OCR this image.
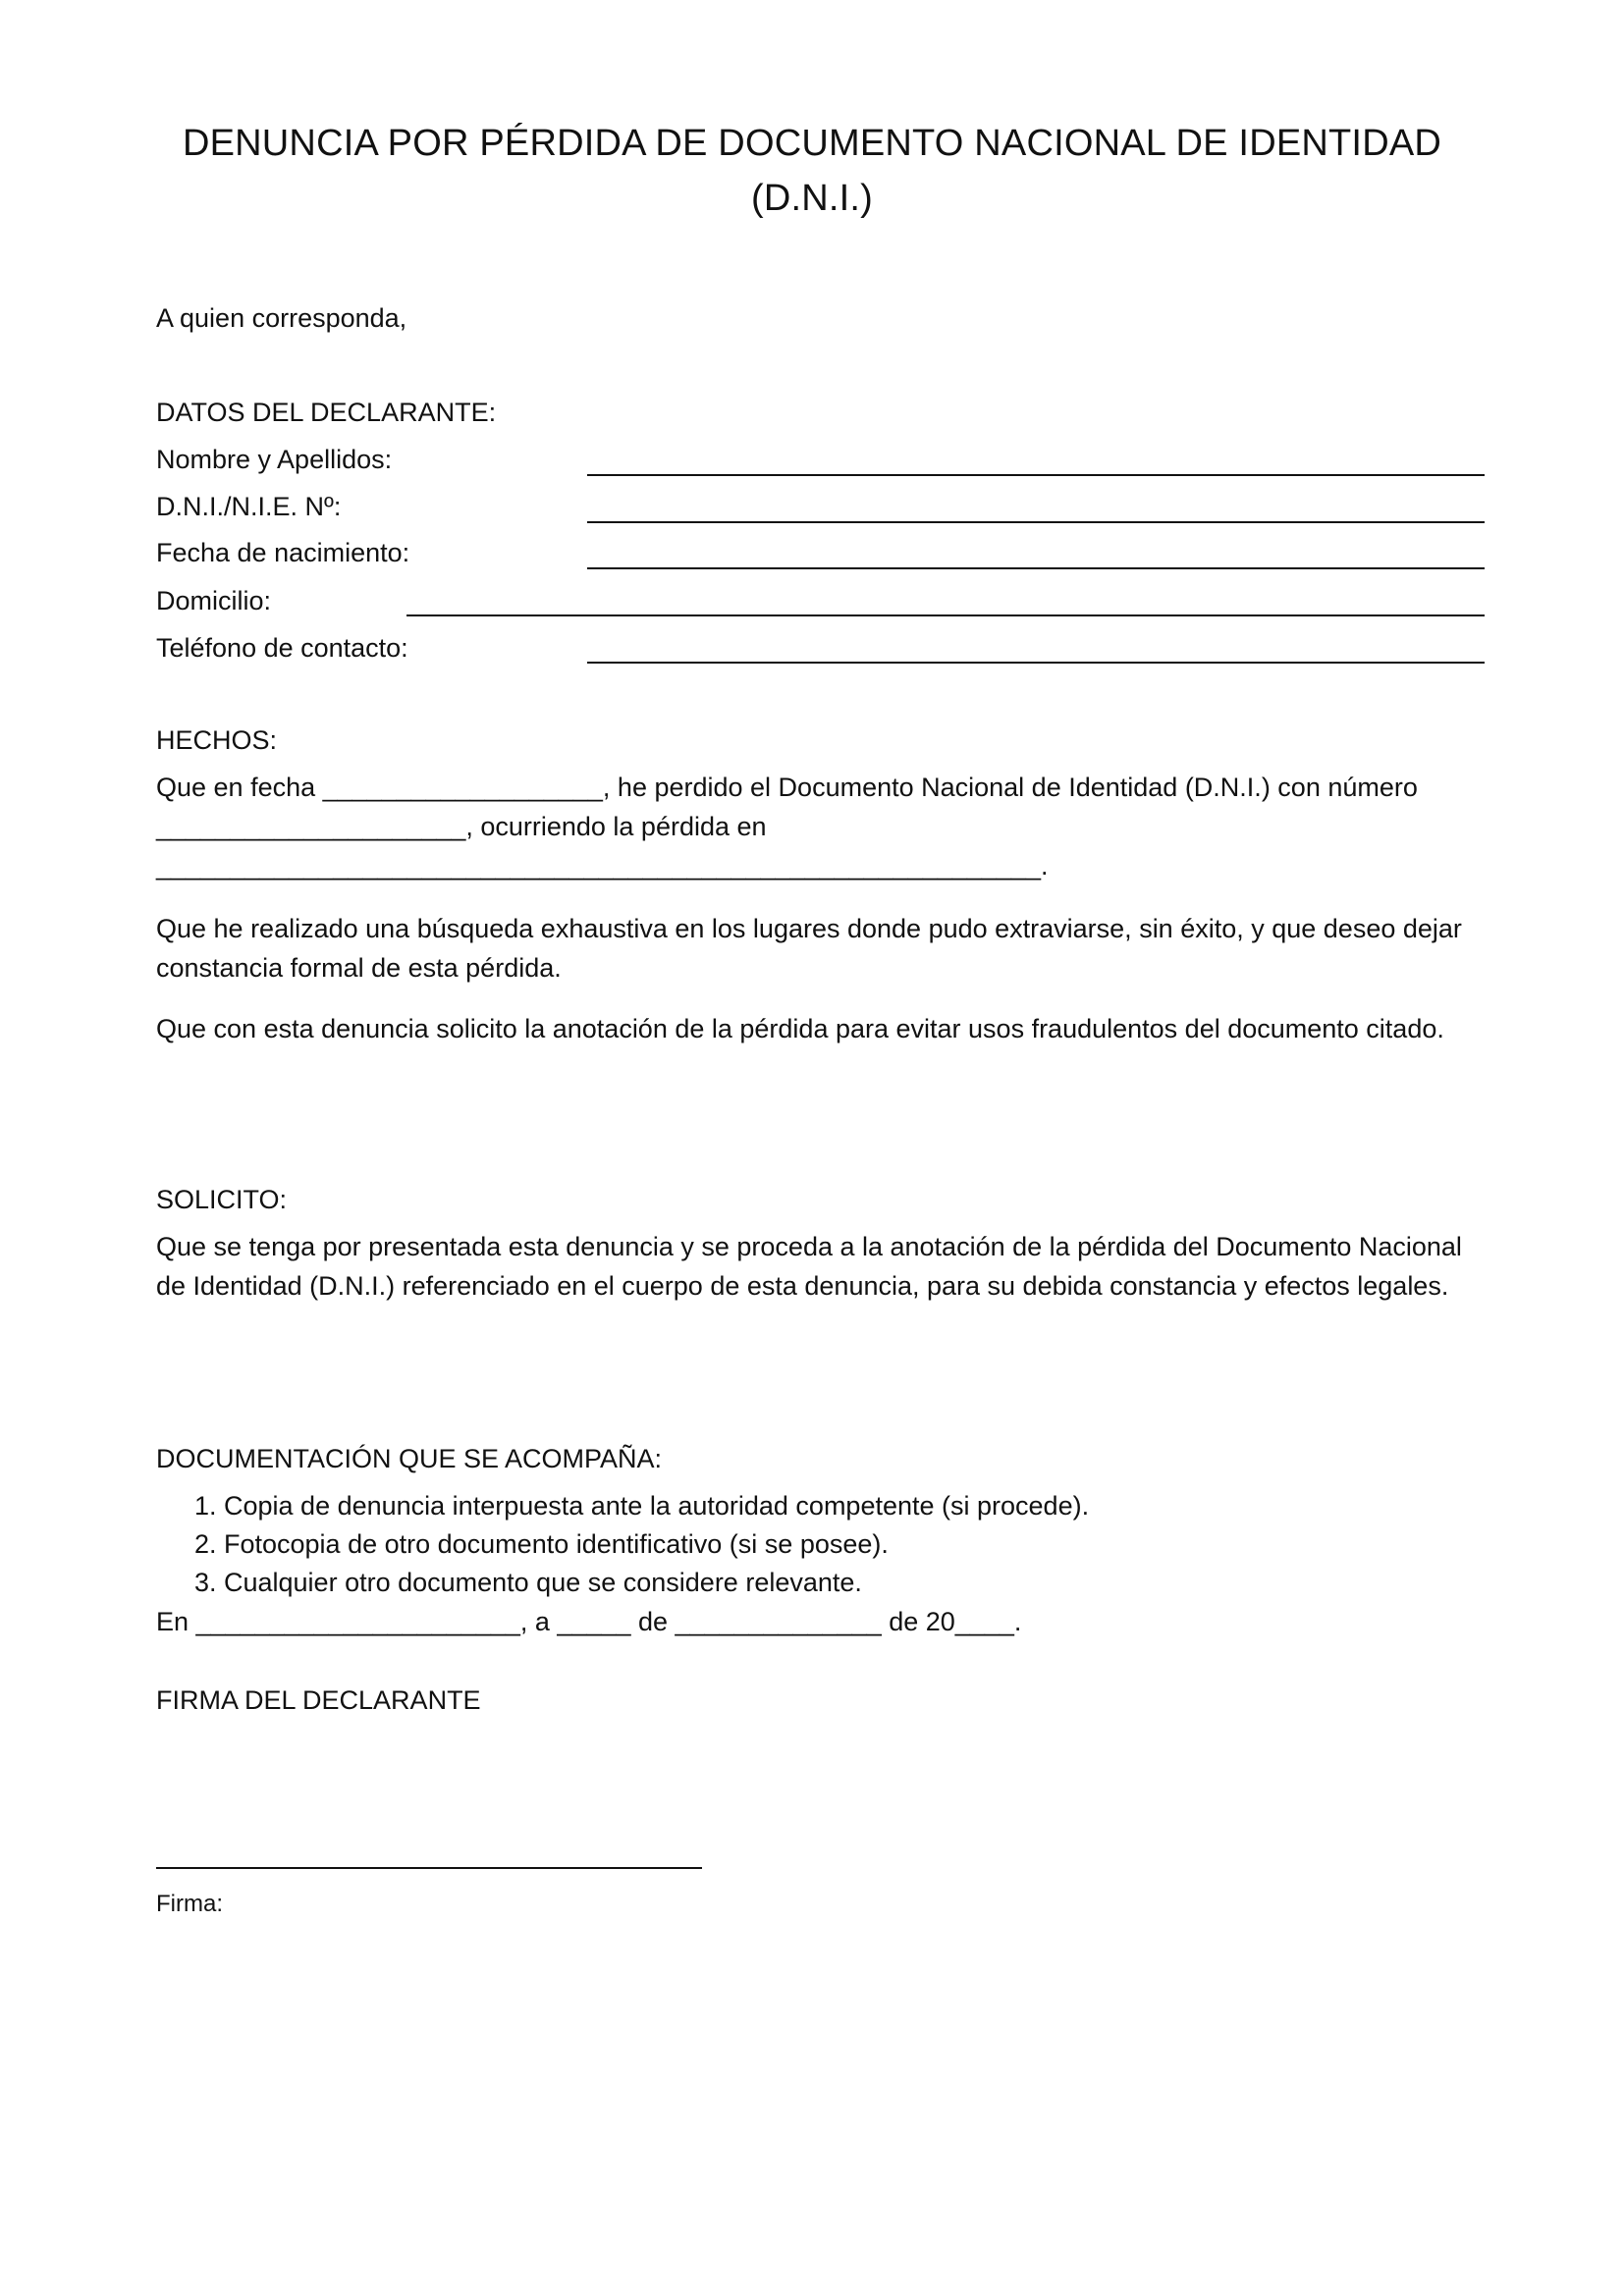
DENUNCIA POR PÉRDIDA DE DOCUMENTO NACIONAL DE IDENTIDAD (D.N.I.)
A quien corresponda,
DATOS DEL DECLARANTE:
Nombre y Apellidos:
D.N.I./N.I.E. Nº:
Fecha de nacimiento:
Domicilio:
Teléfono de contacto:
HECHOS:
Que en fecha ___________________, he perdido el Documento Nacional de Identidad (D.N.I.) con número
_____________________, ocurriendo la pérdida en
____________________________________________________________.
Que he realizado una búsqueda exhaustiva en los lugares donde pudo extraviarse, sin éxito, y que deseo dejar constancia formal de esta pérdida.
Que con esta denuncia solicito la anotación de la pérdida para evitar usos fraudulentos del documento citado.
SOLICITO:
Que se tenga por presentada esta denuncia y se proceda a la anotación de la pérdida del Documento Nacional de Identidad (D.N.I.) referenciado en el cuerpo de esta denuncia, para su debida constancia y efectos legales.
DOCUMENTACIÓN QUE SE ACOMPAÑA:
1. Copia de denuncia interpuesta ante la autoridad competente (si procede).
2. Fotocopia de otro documento identificativo (si se posee).
3. Cualquier otro documento que se considere relevante.
En ______________________, a _____ de ______________ de 20____.
FIRMA DEL DECLARANTE
Firma:
